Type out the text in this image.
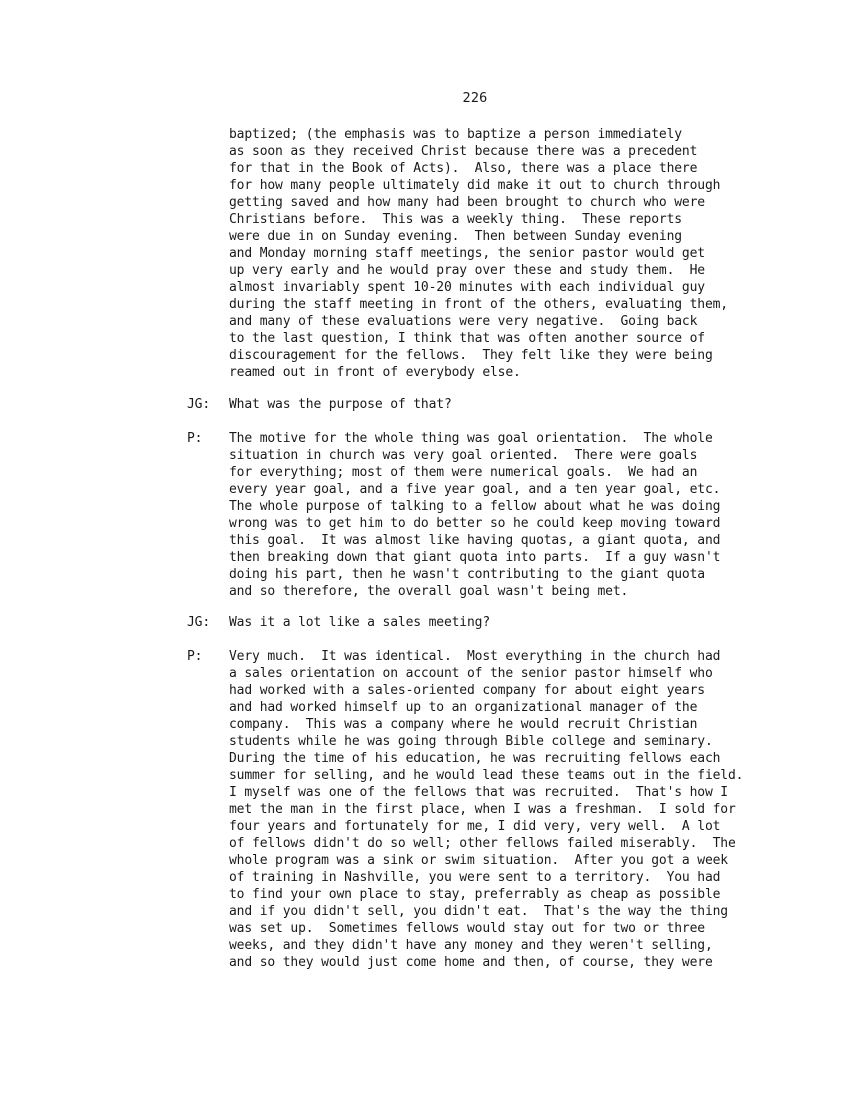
226
baptized; (the emphasis was to baptize a person immediately
as soon as they received Christ because there was a precedent
for that in the Book of Acts).  Also, there was a place there
for how many people ultimately did make it out to church through
getting saved and how many had been brought to church who were
Christians before.  This was a weekly thing.  These reports
were due in on Sunday evening.  Then between Sunday evening
and Monday morning staff meetings, the senior pastor would get
up very early and he would pray over these and study them.  He
almost invariably spent 10-20 minutes with each individual guy
during the staff meeting in front of the others, evaluating them,
and many of these evaluations were very negative.  Going back
to the last question, I think that was often another source of
discouragement for the fellows.  They felt like they were being
reamed out in front of everybody else.
JG: What was the purpose of that?
P: The motive for the whole thing was goal orientation.  The whole
situation in church was very goal oriented.  There were goals
for everything; most of them were numerical goals.  We had an
every year goal, and a five year goal, and a ten year goal, etc.
The whole purpose of talking to a fellow about what he was doing
wrong was to get him to do better so he could keep moving toward
this goal.  It was almost like having quotas, a giant quota, and
then breaking down that giant quota into parts.  If a guy wasn't
doing his part, then he wasn't contributing to the giant quota
and so therefore, the overall goal wasn't being met.
JG: Was it a lot like a sales meeting?
P: Very much.  It was identical.  Most everything in the church had
a sales orientation on account of the senior pastor himself who
had worked with a sales-oriented company for about eight years
and had worked himself up to an organizational manager of the
company.  This was a company where he would recruit Christian
students while he was going through Bible college and seminary.
During the time of his education, he was recruiting fellows each
summer for selling, and he would lead these teams out in the field.
I myself was one of the fellows that was recruited.  That's how I
met the man in the first place, when I was a freshman.  I sold for
four years and fortunately for me, I did very, very well.  A lot
of fellows didn't do so well; other fellows failed miserably.  The
whole program was a sink or swim situation.  After you got a week
of training in Nashville, you were sent to a territory.  You had
to find your own place to stay, preferrably as cheap as possible
and if you didn't sell, you didn't eat.  That's the way the thing
was set up.  Sometimes fellows would stay out for two or three
weeks, and they didn't have any money and they weren't selling,
and so they would just come home and then, of course, they were
